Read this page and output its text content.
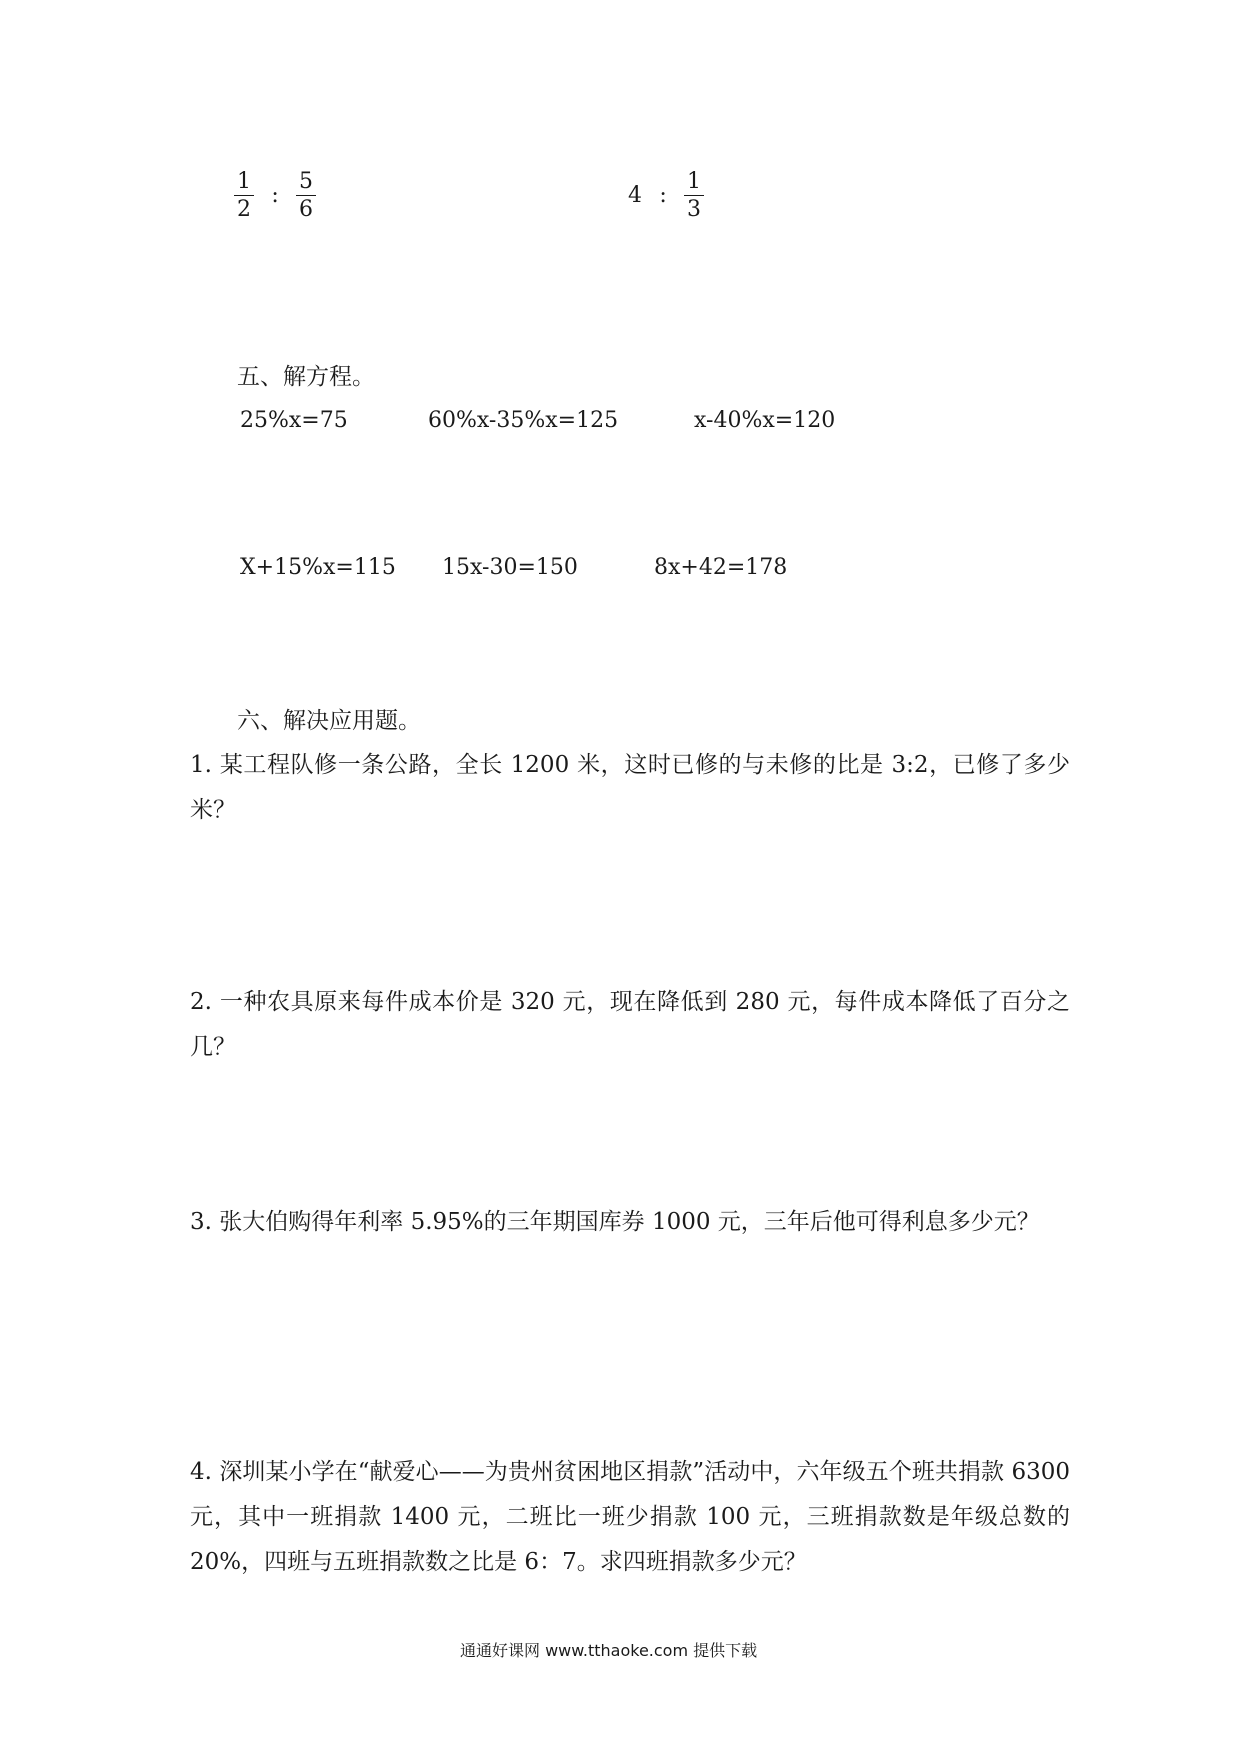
$\frac{1}{2}$ : $\frac{5}{6}$	4 : $\frac{1}{3}$
五、解方程。
25%x=75	60%x-35%x=125	x-40%x=120
X+15%x=115 15x-30=150	8x+42=178
六、解决应用题。
1. 某工程队修一条公路，全长 1200 米，这时已修的与未修的比是 3:2，已修了多少米？
2. 一种农具原来每件成本价是 320 元，现在降低到 280 元，每件成本降低了百分之几？
3. 张大伯购得年利率 5.95%的三年期国库券 1000 元，三年后他可得利息多少元？
4. 深圳某小学在“献爱心——为贵州贫困地区捐款”活动中，六年级五个班共捐款 6300 元，其中一班捐款 1400 元，二班比一班少捐款 100 元，三班捐款数是年级总数的 20%，四班与五班捐款数之比是 6：7。求四班捐款多少元？
通通好课网 www.tthaoke.com 提供下载
